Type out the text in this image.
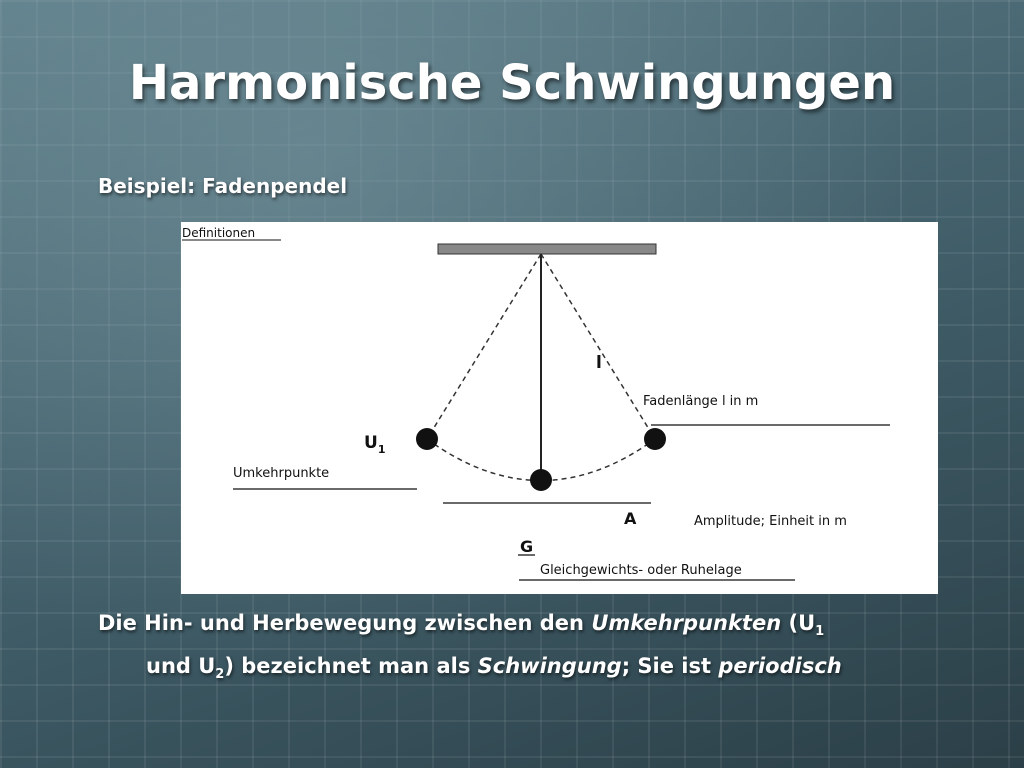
Harmonische Schwingungen
Beispiel: Fadenpendel
Definitionen
l
Fadenlänge l in m
$U_1$
Umkehrpunkte
A	Amplitude; Einheit in m
G
Gleichgewichts- oder Ruhelage
Die Hin- und Herbewegung zwischen den Umkehrpunkten ($U_1$
und $U_2$) bezeichnet man als Schwingung; Sie ist periodisch
